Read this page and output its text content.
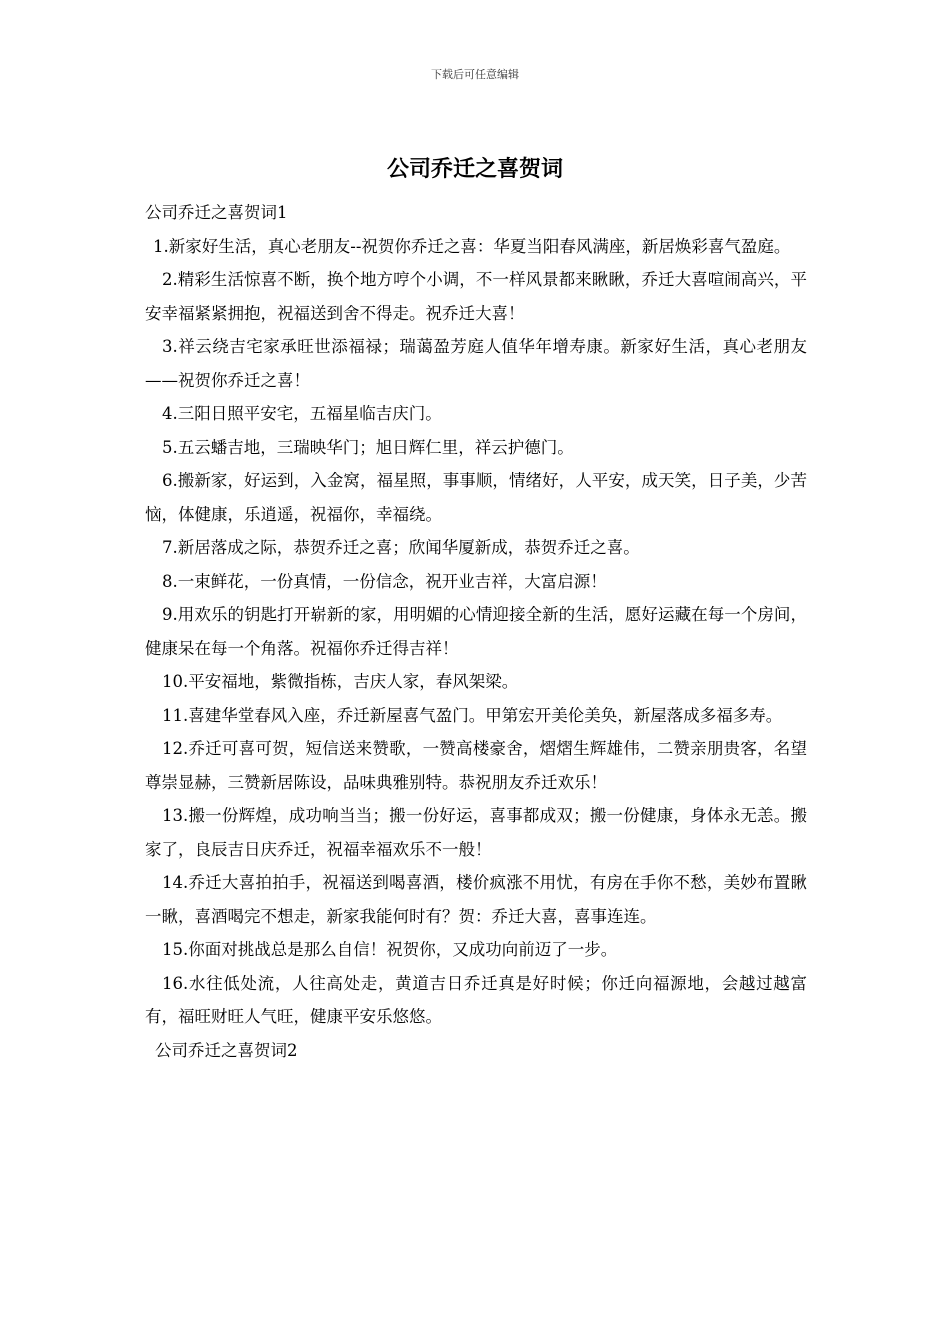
下载后可任意编辑
公司乔迁之喜贺词

公司乔迁之喜贺词1

1.新家好生活，真心老朋友--祝贺你乔迁之喜：华夏当阳春风满座，新居焕彩喜气盈庭。

2.精彩生活惊喜不断，换个地方哼个小调，不一样风景都来瞅瞅，乔迁大喜喧闹高兴，平安幸福紧紧拥抱，祝福送到舍不得走。祝乔迁大喜！

3.祥云绕吉宅家承旺世添福禄；瑞蔼盈芳庭人值华年增寿康。新家好生活，真心老朋友——祝贺你乔迁之喜！

4.三阳日照平安宅，五福星临吉庆门。

5.五云蟠吉地，三瑞映华门；旭日辉仁里，祥云护德门。

6.搬新家，好运到，入金窝，福星照，事事顺，情绪好，人平安，成天笑，日子美，少苦恼，体健康，乐逍遥，祝福你，幸福绕。

7.新居落成之际，恭贺乔迁之喜；欣闻华厦新成，恭贺乔迁之喜。

8.一束鲜花，一份真情，一份信念，祝开业吉祥，大富启源！

9.用欢乐的钥匙打开崭新的家，用明媚的心情迎接全新的生活，愿好运藏在每一个房间，健康呆在每一个角落。祝福你乔迁得吉祥！

10.平安福地，紫微指栋，吉庆人家，春风架梁。

11.喜建华堂春风入座，乔迁新屋喜气盈门。甲第宏开美伦美奂，新屋落成多福多寿。

12.乔迁可喜可贺，短信送来赞歌，一赞高楼豪舍，熠熠生辉雄伟，二赞亲朋贵客，名望尊崇显赫，三赞新居陈设，品味典雅别特。恭祝朋友乔迁欢乐！

13.搬一份辉煌，成功响当当；搬一份好运，喜事都成双；搬一份健康，身体永无恙。搬家了，良辰吉日庆乔迁，祝福幸福欢乐不一般！

14.乔迁大喜拍拍手，祝福送到喝喜酒，楼价疯涨不用忧，有房在手你不愁，美妙布置瞅一瞅，喜酒喝完不想走，新家我能何时有？贺：乔迁大喜，喜事连连。

15.你面对挑战总是那么自信！祝贺你，又成功向前迈了一步。

16.水往低处流，人往高处走，黄道吉日乔迁真是好时候；你迁向福源地，会越过越富有，福旺财旺人气旺，健康平安乐悠悠。

公司乔迁之喜贺词2
